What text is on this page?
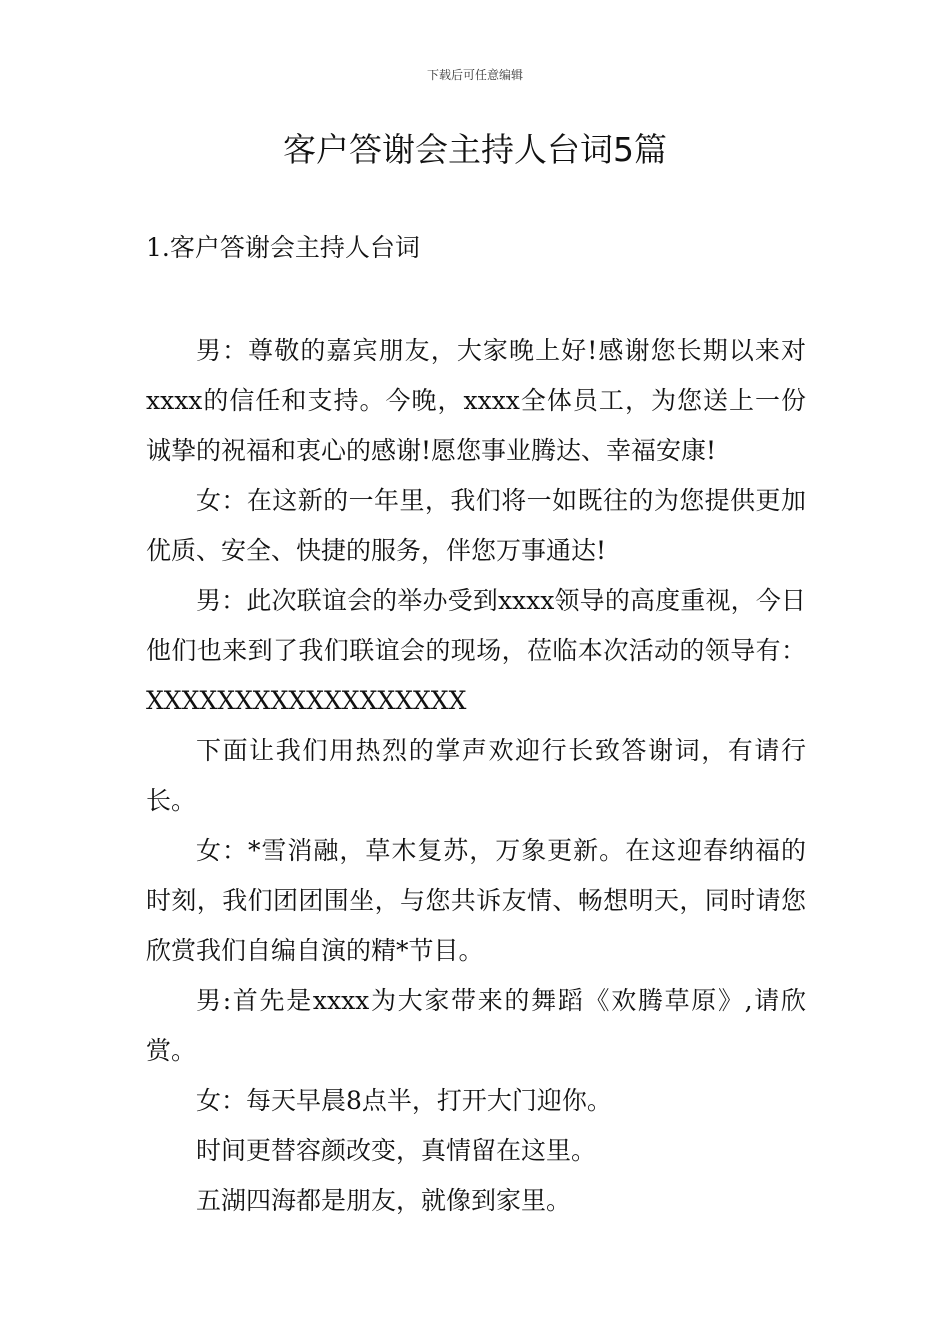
下载后可任意编辑
客户答谢会主持人台词5篇
1.客户答谢会主持人台词

男：尊敬的嘉宾朋友，大家晚上好!感谢您长期以来对xxxx的信任和支持。今晚，xxxx全体员工，为您送上一份诚挚的祝福和衷心的感谢!愿您事业腾达、幸福安康!

女：在这新的一年里，我们将一如既往的为您提供更加优质、安全、快捷的服务，伴您万事通达!

男：此次联谊会的举办受到xxxx领导的高度重视，今日他们也来到了我们联谊会的现场，莅临本次活动的领导有：XXXXXXXXXXXXXXXXXX

下面让我们用热烈的掌声欢迎行长致答谢词，有请行长。

女：*雪消融，草木复苏，万象更新。在这迎春纳福的时刻，我们团团围坐，与您共诉友情、畅想明天，同时请您欣赏我们自编自演的精*节目。

男:首先是xxxx为大家带来的舞蹈《欢腾草原》,请欣赏。

女：每天早晨8点半，打开大门迎你。

时间更替容颜改变，真情留在这里。

五湖四海都是朋友，就像到家里。
